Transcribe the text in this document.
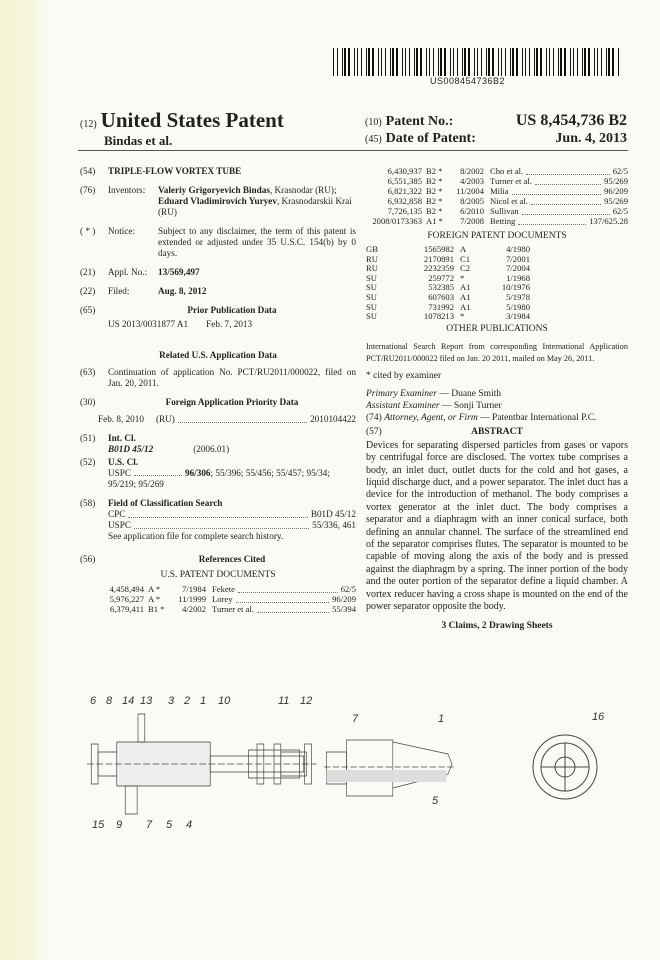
US008454736B2
(12) United States Patent
Bindas et al.
(10) Patent No.:	US 8,454,736 B2
(45) Date of Patent:	Jun. 4, 2013
(54)	TRIPLE-FLOW VORTEX TUBE
(76)	Inventors:	Valeriy Grigoryevich Bindas, Krasnodar (RU); Eduard Vladimirovich Yuryev, Krasnodarskii Krai (RU)
( * )	Notice:	Subject to any disclaimer, the term of this patent is extended or adjusted under 35 U.S.C. 154(b) by 0 days.
(21)	Appl. No.:	13/569,497
(22)	Filed:	Aug. 8, 2012
(65)	Prior Publication Data
US 2013/0031877 A1 Feb. 7, 2013
Related U.S. Application Data
(63)	Continuation of application No. PCT/RU2011/000022, filed on Jan. 20, 2011.
(30)	Foreign Application Priority Data
Feb. 8, 2010 (RU)	2010104422
(51)	Int. Cl.
B01D 45/12	(2006.01)
(52)	U.S. Cl.
USPC	96/306; 55/396; 55/456; 55/457; 95/34; 95/219; 95/269
(58)	Field of Classification Search
CPC	B01D 45/12
USPC	55/336, 461
See application file for complete search history.
(56)	References Cited
U.S. PATENT DOCUMENTS
4,458,494 A *	7/1984 Fekete	62/5
5,976,227 A *	11/1999 Lorey	96/209
6,379,411 B1 *	4/2002 Turner et al.	55/394
6,430,937 B2 *	8/2002 Cho et al.	62/5
6,551,385 B2 *	4/2003 Turner et al.	95/269
6,821,322 B2 *	11/2004 Milia	96/209
6,932,858 B2 *	8/2005 Nicol et al.	95/269
7,726,135 B2 *	6/2010 Sullivan	62/5
2008/0173363 A1 *	7/2008 Betting	137/625.28
FOREIGN PATENT DOCUMENTS
GB	1565982 A	4/1980
RU	2170891 C1	7/2001
RU	2232359 C2	7/2004
SU	259772 *	1/1968
SU	532385 A1	10/1976
SU	607603 A1	5/1978
SU	731992 A1	5/1980
SU	1078213 *	3/1984
OTHER PUBLICATIONS
International Search Report from corresponding International Application PCT/RU2011/000022 filed on Jan. 20 2011, mailed on May 26, 2011.
* cited by examiner
Primary Examiner — Duane Smith
Assistant Examiner — Sonji Turner
(74) Attorney, Agent, or Firm — Patentbar International P.C.
(57)	ABSTRACT
Devices for separating dispersed particles from gases or vapors by centrifugal force are disclosed. The vortex tube comprises a body, an inlet duct, outlet ducts for the cold and hot gases, a liquid discharge duct, and a power separator. The inlet duct has a device for the introduction of methanol. The body comprises a vortex generator at the inlet duct. The body comprises a separator and a diaphragm with an inner conical surface, both defining an annular channel. The surface of the streamlined end of the separator comprises flutes. The separator is mounted to be capable of moving along the axis of the body and is pressed against the diaphragm by a spring. The inner portion of the body and the outer portion of the separator define a liquid chamber. A vortex reducer having a cross shape is mounted on the end of the power separator opposite the body.
3 Claims, 2 Drawing Sheets
6 8 14 13 3 2 1 10	11 12
15 9 7 5 4
7	1
5
16
